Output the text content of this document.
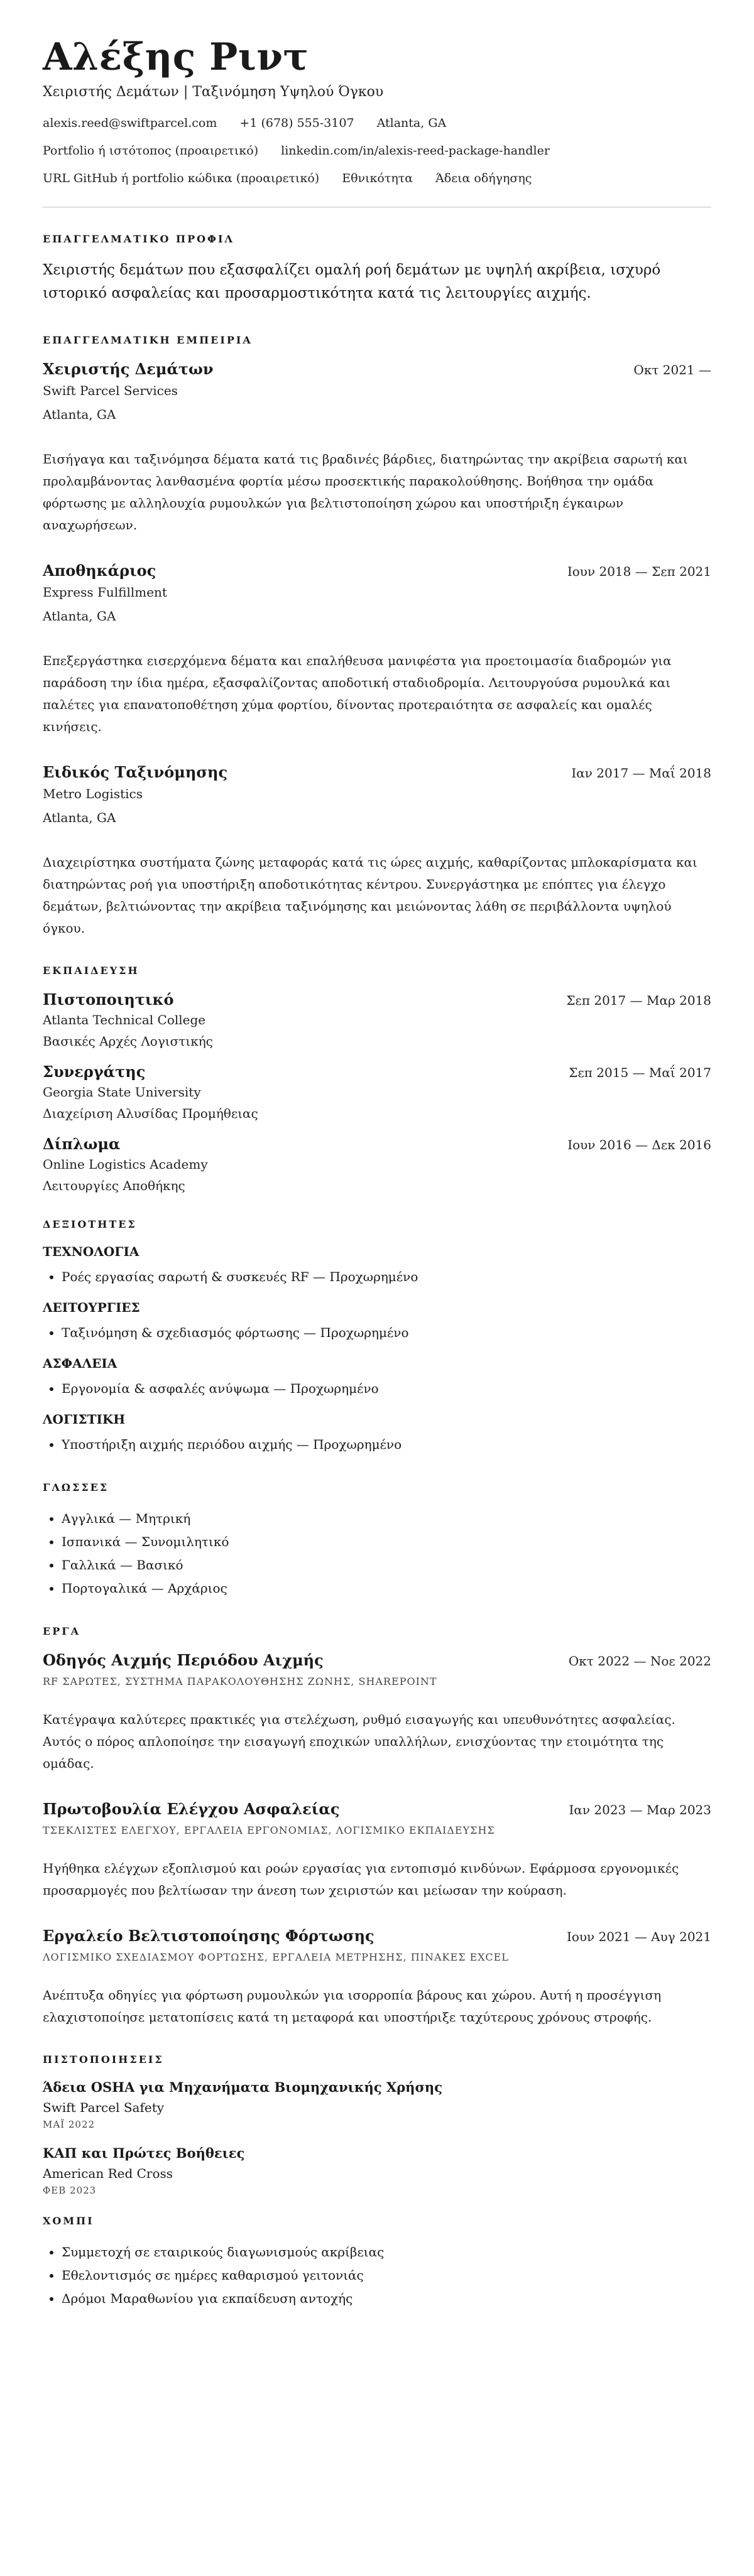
Αλέξης Ριντ
Χειριστής Δεμάτων | Ταξινόμηση Υψηλού Όγκου
alexis.reed@swiftparcel.com +1 (678) 555-3107 Atlanta, GA
Portfolio ή ιστότοπος (προαιρετικό) linkedin.com/in/alexis-reed-package-handler
URL GitHub ή portfolio κώδικα (προαιρετικό) Εθνικότητα Άδεια οδήγησης
ΕΠΑΓΓΕΛΜΑΤΙΚΟ ΠΡΟΦΙΛ

Χειριστής δεμάτων που εξασφαλίζει ομαλή ροή δεμάτων με υψηλή ακρίβεια, ισχυρό ιστορικό ασφαλείας και προσαρμοστικότητα κατά τις λειτουργίες αιχμής.

ΕΠΑΓΓΕΛΜΑΤΙΚΗ ΕΜΠΕΙΡΙΑ
Χειριστής Δεμάτων	Οκτ 2021 —
Swift Parcel Services
Atlanta, GA
Εισήγαγα και ταξινόμησα δέματα κατά τις βραδινές βάρδιες, διατηρώντας την ακρίβεια σαρωτή και προλαμβάνοντας λανθασμένα φορτία μέσω προσεκτικής παρακολούθησης. Βοήθησα την ομάδα φόρτωσης με αλληλουχία ρυμουλκών για βελτιστοποίηση χώρου και υποστήριξη έγκαιρων αναχωρήσεων.
Αποθηκάριος	Ιουν 2018 — Σεπ 2021
Express Fulfillment
Atlanta, GA
Επεξεργάστηκα εισερχόμενα δέματα και επαλήθευσα μανιφέστα για προετοιμασία διαδρομών για παράδοση την ίδια ημέρα, εξασφαλίζοντας αποδοτική σταδιοδρομία. Λειτουργούσα ρυμουλκά και παλέτες για επανατοποθέτηση χύμα φορτίου, δίνοντας προτεραιότητα σε ασφαλείς και ομαλές κινήσεις.
Ειδικός Ταξινόμησης	Ιαν 2017 — Μαΐ 2018
Metro Logistics
Atlanta, GA
Διαχειρίστηκα συστήματα ζώνης μεταφοράς κατά τις ώρες αιχμής, καθαρίζοντας μπλοκαρίσματα και διατηρώντας ροή για υποστήριξη αποδοτικότητας κέντρου. Συνεργάστηκα με επόπτες για έλεγχο δεμάτων, βελτιώνοντας την ακρίβεια ταξινόμησης και μειώνοντας λάθη σε περιβάλλοντα υψηλού όγκου.
ΕΚΠΑΙΔΕΥΣΗ
Πιστοποιητικό	Σεπ 2017 — Μαρ 2018
Atlanta Technical College
Βασικές Αρχές Λογιστικής
Συνεργάτης	Σεπ 2015 — Μαΐ 2017
Georgia State University
Διαχείριση Αλυσίδας Προμήθειας
Δίπλωμα	Ιουν 2016 — Δεκ 2016
Online Logistics Academy
Λειτουργίες Αποθήκης
ΔΕΞΙΟΤΗΤΕΣ
ΤΕΧΝΟΛΟΓΙΑ
• Ροές εργασίας σαρωτή & συσκευές RF — Προχωρημένο
ΛΕΙΤΟΥΡΓΙΕΣ
• Ταξινόμηση & σχεδιασμός φόρτωσης — Προχωρημένο
ΑΣΦΑΛΕΙΑ
• Εργονομία & ασφαλές ανύψωμα — Προχωρημένο
ΛΟΓΙΣΤΙΚΗ
• Υποστήριξη αιχμής περιόδου αιχμής — Προχωρημένο
ΓΛΩΣΣΕΣ
• Αγγλικά — Μητρική
• Ισπανικά — Συνομιλητικό
• Γαλλικά — Βασικό
• Πορτογαλικά — Αρχάριος
ΕΡΓΑ
Οδηγός Αιχμής Περιόδου Αιχμής	Οκτ 2022 — Νοε 2022
RF ΣΑΡΩΤΕΣ, ΣΥΣΤΗΜΑ ΠΑΡΑΚΟΛΟΥΘΗΣΗΣ ΖΩΝΗΣ, SHAREPOINT
Κατέγραψα καλύτερες πρακτικές για στελέχωση, ρυθμό εισαγωγής και υπευθυνότητες ασφαλείας. Αυτός ο πόρος απλοποίησε την εισαγωγή εποχικών υπαλλήλων, ενισχύοντας την ετοιμότητα της ομάδας.
Πρωτοβουλία Ελέγχου Ασφαλείας	Ιαν 2023 — Μαρ 2023
ΤΣΕΚΛΙΣΤΕΣ ΕΛΕΓΧΟΥ, ΕΡΓΑΛΕΙΑ ΕΡΓΟΝΟΜΙΑΣ, ΛΟΓΙΣΜΙΚΟ ΕΚΠΑΙΔΕΥΣΗΣ
Ηγήθηκα ελέγχων εξοπλισμού και ροών εργασίας για εντοπισμό κινδύνων. Εφάρμοσα εργονομικές προσαρμογές που βελτίωσαν την άνεση των χειριστών και μείωσαν την κούραση.
Εργαλείο Βελτιστοποίησης Φόρτωσης	Ιουν 2021 — Αυγ 2021
ΛΟΓΙΣΜΙΚΟ ΣΧΕΔΙΑΣΜΟΥ ΦΟΡΤΩΣΗΣ, ΕΡΓΑΛΕΙΑ ΜΕΤΡΗΣΗΣ, ΠΙΝΑΚΕΣ EXCEL
Ανέπτυξα οδηγίες για φόρτωση ρυμουλκών για ισορροπία βάρους και χώρου. Αυτή η προσέγγιση ελαχιστοποίησε μετατοπίσεις κατά τη μεταφορά και υποστήριξε ταχύτερους χρόνους στροφής.
ΠΙΣΤΟΠΟΙΗΣΕΙΣ
Άδεια OSHA για Μηχανήματα Βιομηχανικής Χρήσης
Swift Parcel Safety
ΜΑΪ 2022
ΚΑΠ και Πρώτες Βοήθειες
American Red Cross
ΦΕΒ 2023
ΧΟΜΠΙ
• Συμμετοχή σε εταιρικούς διαγωνισμούς ακρίβειας
• Εθελοντισμός σε ημέρες καθαρισμού γειτονιάς
• Δρόμοι Μαραθωνίου για εκπαίδευση αντοχής
